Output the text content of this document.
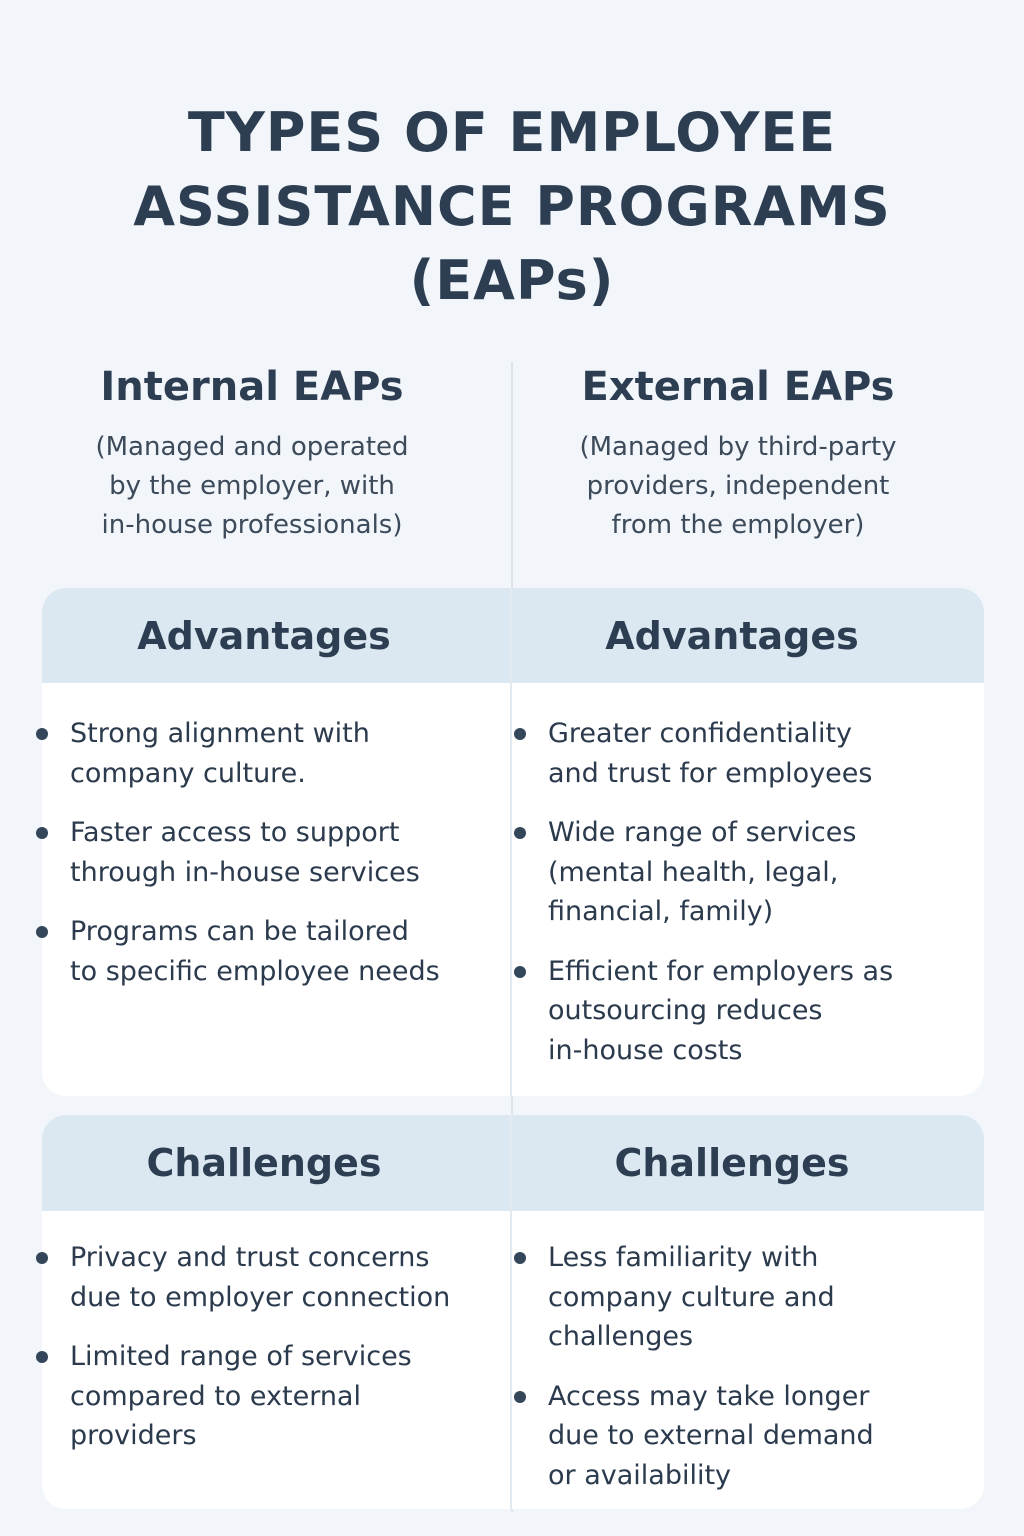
TYPES OF EMPLOYEE
ASSISTANCE PROGRAMS
(EAPs)
Internal EAPs

(Managed and operated
by the employer, with
in-house professionals)

External EAPs

(Managed by third-party
providers, independent
from the employer)

Advantages	Advantages
Strong alignment with
company culture.
Faster access to support
through in-house services
Programs can be tailored
to specific employee needs
Greater confidentiality
and trust for employees
Wide range of services
(mental health, legal,
financial, family)
Efficient for employers as
outsourcing reduces
in-house costs
Challenges	Challenges
Privacy and trust concerns
due to employer connection
Limited range of services
compared to external
providers
Less familiarity with
company culture and
challenges
Access may take longer
due to external demand
or availability
